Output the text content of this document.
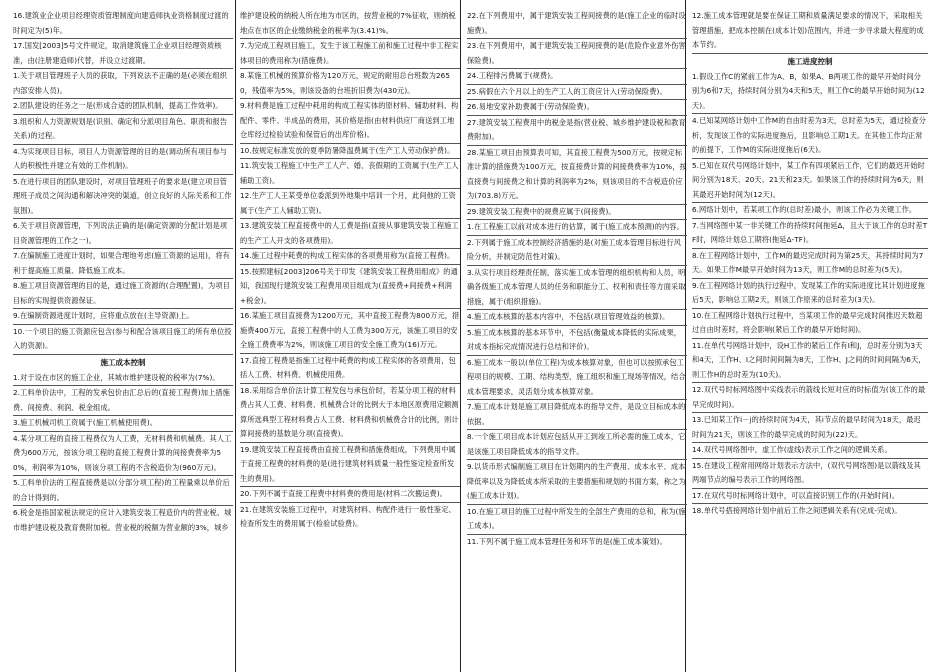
16.建筑业企业项目经理资质管理制度向建造师执业资格制度过渡的时间定为(5)年。

17.国发[2003]5号文件规定，取消建筑施工企业项目经理资质核准，由(注册建造师)代替，并设立过渡期。

1.关于项目管理班子人员的获取，下列说法不正确的是(必须在组织内部安排人员)。

2.团队建设的任务之一是(形成合适的团队机制，提高工作效率)。

3.组织和人力资源规划是(识别、确定和分派项目角色、职责和报告关系)的过程。

4.为实现项目目标，项目人力资源管理的目的是(调动所有项目参与人的积极性并建立有效的工作机制)。

5.在进行项目的团队建设时，对项目管理班子的要求是(建立项目管理班子成员之间沟通和解决冲突的渠道，创立良好的人际关系和工作氛围)。

6.关于项目资源管理，下列说法正确的是(确定资源的分配计划是项目资源管理的工作之一)。

7.在编制施工进度计划时，如果合理地考虑(施工资源的运用)，将有利于提高施工质量、降低施工成本。

8.施工项目资源管理的目的是，通过施工资源的(合理配置)，为项目目标的实现提供资源保证。

9.在编制资源进度计划时，应将重点放在(主导资源)上。

10.一个项目的施工资源应包含(参与和配合该项目施工的所有单位投入的资源)。

施工成本控制

1.对于设在市区的施工企业，其城市维护建设税的税率为(7%)。

2.工料单价法中，工程的发承包价由汇总后的(直接工程费)加上措施费、间接费、利润、税金组成。

3.施工机械司机工资属于(施工机械使用费)。

4.某分项工程的直接工程费仅为人工费，无材料费和机械费。其人工费为600万元，按该分项工程的直接工程费计算的间接费费率为50%，利润率为10%，则该分项工程的不含税造价为(960万元)。

5.工料单价法的工程直接费是以(分部分项工程)的工程量乘以单价后的合计得到的。

6.税金是指国家税法规定的应计入建筑安装工程造价内的营业税、城市维护建设税及教育费附加税。营业税的税额为营业额的3%，城乡

维护建设税的纳税人所在地为市区的，按营业税的7%征收，则纳税地点在市区的企业缴纳税金的税率为(3.41)%。

7.为完成工程项目施工，发生于该工程施工前和施工过程中非工程实体项目的费用称为(措施费)。

8.某施工机械的预算价格为120万元，规定的耐用总台班数为2650，残值率为5%，则该设备的台班折旧费为(430元)。

9.材料费是施工过程中耗用的构成工程实体的原材料、辅助材料、构配件、零件、半成品的费用，其价格是指(由材料供应厂商送到工地仓库经过检验试验和保管后的出库价格)。

10.按规定标准发放的夏季防暑降温费属于(生产工人劳动保护费)。

11.筑安装工程施工中生产工人产、婚、丧假期的工资属于(生产工人辅助工资)。

12.生产工人王某受单位委派到外地集中培训一个月，此间他的工资属于(生产工人辅助工资)。

13.建筑安装工程直接费中的人工费是指(直接从事建筑安装工程施工的生产工人开支的各项费用)。

14.施工过程中耗费的构成工程实体的各项费用称为(直接工程费)。

15.按照建标[2003]206号关于印发《建筑安装工程费用组成》的通知，我国现行建筑安装工程费用项目组成为(直接费+间接费+利润+税金)。

16.某施工项目直接费为1200万元，其中直接工程费为800万元，措施费400万元，直接工程费中的人工费为300万元，该施工项目的安全施工费费率为2%，则该施工项目的安全施工费为(16)万元。

17.直接工程费是指施工过程中耗费的构成工程实体的各项费用，包括人工费、材料费、机械使用费。

18.采用综合单价法计算工程发包与承包价时，若某分项工程的材料费占其人工费、材料费、机械费合计的比例大于本地区原费用定额测算所选典型工程材料费占人工费、材料费和机械费合计的比例，则计算间接费的基数是分项(直接费)。

19.建筑安装工程直接费由直接工程费和措施费组成，下列费用中属于直接工程费的材料费的是(进行建筑材料质量一般性鉴定检查所发生的费用)。

20.下列不属于直接工程费中材料费的费用是(材料二次搬运费)。

21.在建筑安装施工过程中，对建筑材料、构配件进行一般性鉴定、检查所发生的费用属于(检验试验费)。

22.在下列费用中，属于建筑安装工程间接费的是(施工企业的临时设施费)。

23.在下列费用中，属于建筑安装工程间接费的是(危险作业意外伤害保险费)。

24.工程排污费属于(规费)。

25.病假在六个月以上的生产工人的工资应计入(劳动保险费)。

26.易地安家补助费属于(劳动保险费)。

27.建筑安装工程费用中的税金是指(营业税、城乡维护建设税和教育费附加)。

28.某施工项目由预算表可知，其直接工程费为500万元，按规定标准计算的措施费为100万元，按直接费计算的间接费费率为10%，按直接费与间接费之和计算的利润率为2%，则该项目的不含税造价应为(703.8)万元。

29.建筑安装工程费中的规费应属于(间接费)。

1.在工程施工以前对成本进行的估算，属于(施工成本预测)的内容。

2.下列属于施工成本控制经济措施的是(对施工成本管理目标进行风险分析，并制定防范性对策)。

3.从实行项目经理责任制，落实施工成本管理的组织机构和人员，明确各级施工成本管理人员的任务和职能分工、权利和责任等方面采取措施，属于(组织措施)。

4.施工成本核算的基本内容中，不包括(项目管理效益的核算)。

5.施工成本核算的基本环节中，不包括(衡量成本降低的实际成果，对成本指标完成情况进行总结和评价)。

6.施工成本一般以(单位工程)为成本核算对象，但也可以按照承包工程项目的规模、工期、结构类型、施工组织和施工现场等情况，结合成本管理要求，灵活划分成本核算对象。

7.施工成本计划是施工项目降低成本的指导文件，是设立目标成本的依据。

8.一个施工项目成本计划应包括从开工到竣工所必需的施工成本，它是该施工项目降低成本的指导文件。

9.以货币形式编制施工项目在计划期内的生产费用、成本水平、成本降低率以及为降低成本所采取的主要措施和规划的书面方案，称之为(施工成本计划)。

10.在施工项目的施工过程中所发生的全部生产费用的总和，称为(施工成本)。

11.下列不属于施工成本管理任务和环节的是(施工成本策划)。

12.施工成本管理就是要在保证工期和质量满足要求的情况下，采取相关管理措施，把成本控制在(成本计划)范围内，并进一步寻求最大程度的成本节约。

施工进度控制

1.假设工作C的紧前工作为A、B，如果A、B两项工作的最早开始时间分别为6和7天，持续时间分别为4天和5天，则工作C的最早开始时间为(12天)。

4.已知某网络计划中工作M的自由时差为3天，总时差为5天，通过检查分析，发现该工作的实际进度拖后，且影响总工期1天。在其他工作均正常的前提下，工作M的实际进度拖后(6天)。

5.已知在双代号网络计划中，某工作有四项紧后工作，它们的最迟开始时间分别为18天、20天、21天和23天。如果该工作的持续时间为6天，则其最迟开始时间为(12天)。

6.网络计划中，若某项工作的(总时差)最小，则该工作必为关键工作。

7.当网络图中某一非关键工作的持续时间拖延Δ，且大于该工作的总时差TF时，网络计划总工期将(拖延Δ-TF)。

8.在工程网络计划中，工作M的最迟完成时间为第25天，其持续时间为7天。如果工作M最早开始时间为13天，则工作M的总时差为(5天)。

9.在工程网络计划的执行过程中，发现某工作的实际进度比其计划进度拖后5天，影响总工期2天，则该工作原来的总时差为(3天)。

10.在工程网络计划执行过程中，当某项工作的最早完成时间推迟天数超过自由时差时，将会影响(紧后工作的最早开始时间)。

11.在单代号网络计划中，设H工作的紧后工作有I和J，总时差分别为3天和4天，工作H、I之间时间间隔为8天，工作H、J之间的时间间隔为6天，则工作H的总时差为(10天)。

12.双代号时标网络图中实线表示的箭线长短对应的时标值为(该工作的最早完成时间)。

13.已知某工作i－j的持续时间为4天，其i节点的最早时间为18天，最迟时间为21天，则该工作的最早完成的时间为(22)天。

14.双代号网络图中，虚工作(虚线)表示工作之间的逻辑关系。

15.在建设工程常用网络计划表示方法中，(双代号网络图)是以箭线及其两端节点的编号表示工作的网络图。

17.在双代号时标网络计划中，可以直接识别工作的(开始时间)。

18.单代号搭接网络计划中前后工作之间逻辑关系有(完成-完成)。
